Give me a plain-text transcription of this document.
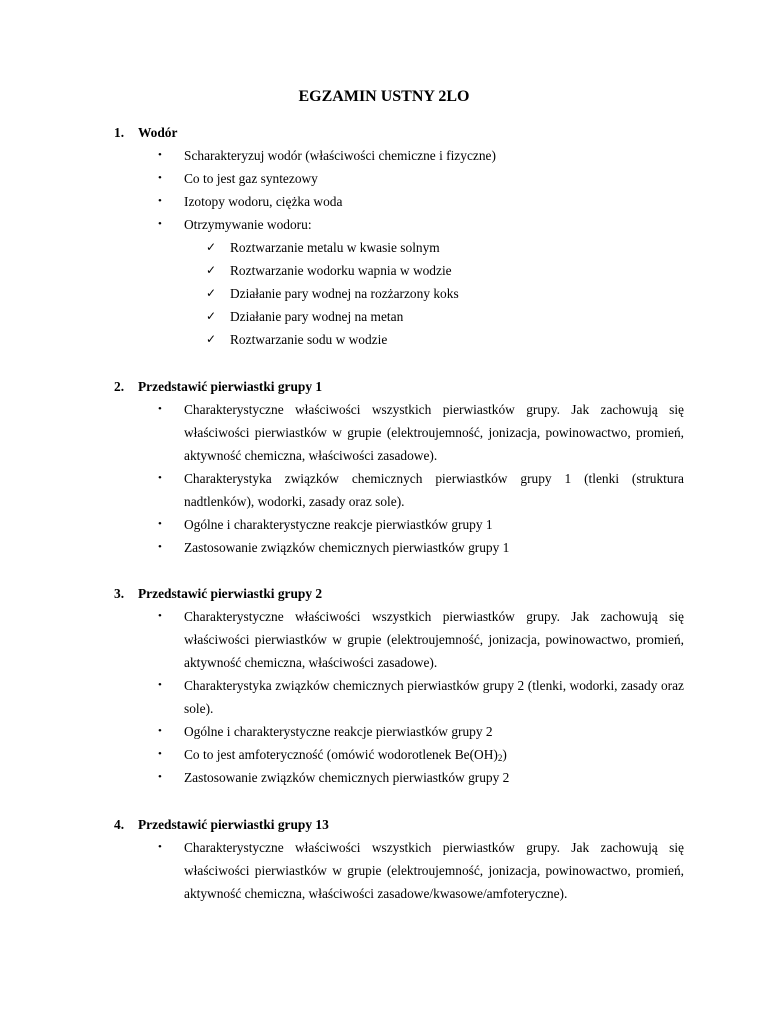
EGZAMIN USTNY 2LO
1. Wodór
• Scharakteryzuj wodór (właściwości chemiczne i fizyczne)
• Co to jest gaz syntezowy
• Izotopy wodoru, ciężka woda
• Otrzymywanie wodoru:
✓ Roztwarzanie metalu w kwasie solnym
✓ Roztwarzanie wodorku wapnia w wodzie
✓ Działanie pary wodnej na rozżarzony koks
✓ Działanie pary wodnej na metan
✓ Roztwarzanie sodu w wodzie
2. Przedstawić pierwiastki grupy 1
• Charakterystyczne właściwości wszystkich pierwiastków grupy. Jak zachowują się właściwości pierwiastków w grupie (elektroujemność, jonizacja, powinowactwo, promień, aktywność chemiczna, właściwości zasadowe).
• Charakterystyka związków chemicznych pierwiastków grupy 1 (tlenki (struktura nadtlenków), wodorki, zasady oraz sole).
• Ogólne i charakterystyczne reakcje pierwiastków grupy 1
• Zastosowanie związków chemicznych pierwiastków grupy 1
3. Przedstawić pierwiastki grupy 2
• Charakterystyczne właściwości wszystkich pierwiastków grupy. Jak zachowują się właściwości pierwiastków w grupie (elektroujemność, jonizacja, powinowactwo, promień, aktywność chemiczna, właściwości zasadowe).
• Charakterystyka związków chemicznych pierwiastków grupy 2 (tlenki, wodorki, zasady oraz sole).
• Ogólne i charakterystyczne reakcje pierwiastków grupy 2
• Co to jest amfoteryczność (omówić wodorotlenek $Be(OH)_2$)
• Zastosowanie związków chemicznych pierwiastków grupy 2
4. Przedstawić pierwiastki grupy 13
• Charakterystyczne właściwości wszystkich pierwiastków grupy. Jak zachowują się właściwości pierwiastków w grupie (elektroujemność, jonizacja, powinowactwo, promień, aktywność chemiczna, właściwości zasadowe/kwasowe/amfoteryczne).
